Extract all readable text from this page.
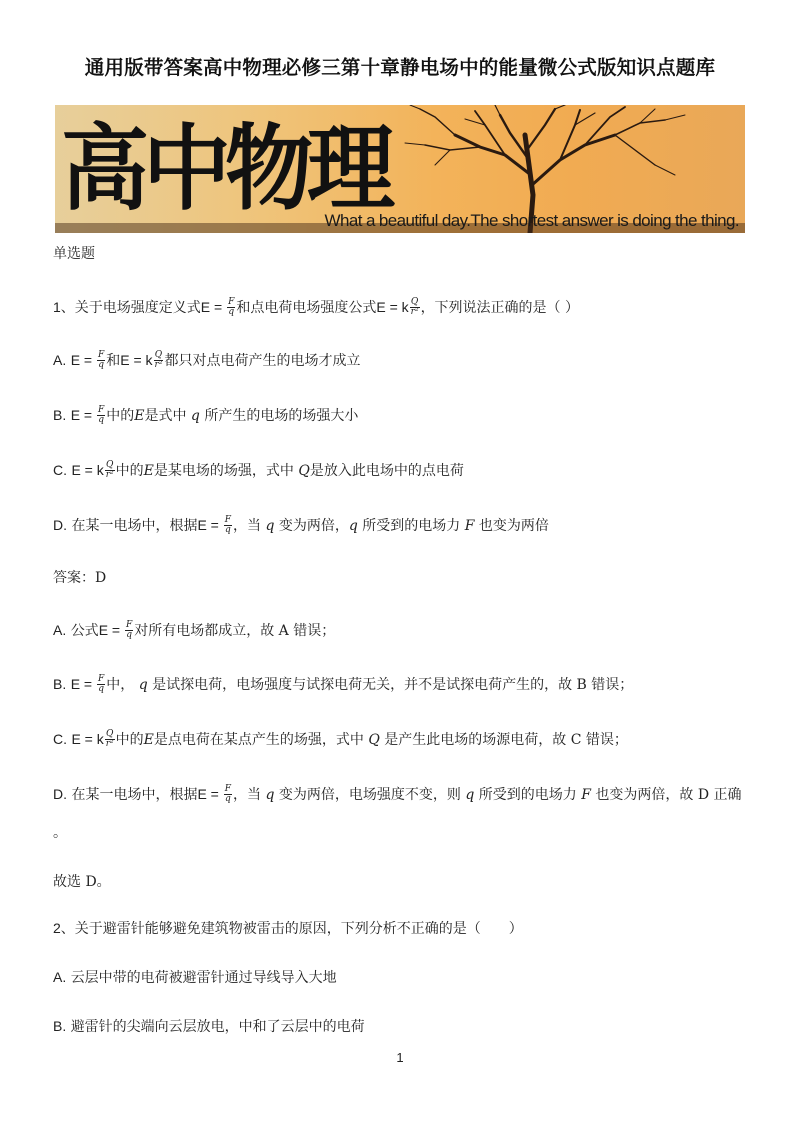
通用版带答案高中物理必修三第十章静电场中的能量微公式版知识点题库
高中物理
What a beautiful day.The shortest answer is doing the thing.
单选题
1、关于电场强度定义式$E = \frac{F}{q}$ 和点电荷电场强度公式E = k $\frac{Q}{\text{r²}}$ ，下列说法正确的是（ ）
A. $E = \frac{F}{q}$ 和E = k $\frac{Q}{\text{r²}}$ 都只对点电荷产生的电场才成立
B. $E = \frac{F}{q}$ 中的E是式中 q 所产生的电场的场强大小
C. E = k $\frac{Q}{\text{r²}}$ 中的E是某电场的场强，式中 Q是放入此电场中的点电荷
D. 在某一电场中，根据$E = \frac{F}{q}$ ，当 q 变为两倍，q 所受到的电场力 F 也变为两倍
答案：D
A. 公式$E = \frac{F}{q}$ 对所有电场都成立，故 A 错误；
B. $E = \frac{F}{q}$ 中， q 是试探电荷，电场强度与试探电荷无关，并不是试探电荷产生的，故 B 错误；
C. E = k $\frac{Q}{\text{r²}}$ 中的E是点电荷在某点产生的场强，式中 Q 是产生此电场的场源电荷，故 C 错误；
D. 在某一电场中，根据$E = \frac{F}{q}$ ，当 q 变为两倍，电场强度不变，则 q 所受到的电场力 F 也变为两倍，故 D 正确
。
故选 D。
2、关于避雷针能够避免建筑物被雷击的原因，下列分析不正确的是（　　）
A. 云层中带的电荷被避雷针通过导线导入大地
B. 避雷针的尖端向云层放电，中和了云层中的电荷
1
